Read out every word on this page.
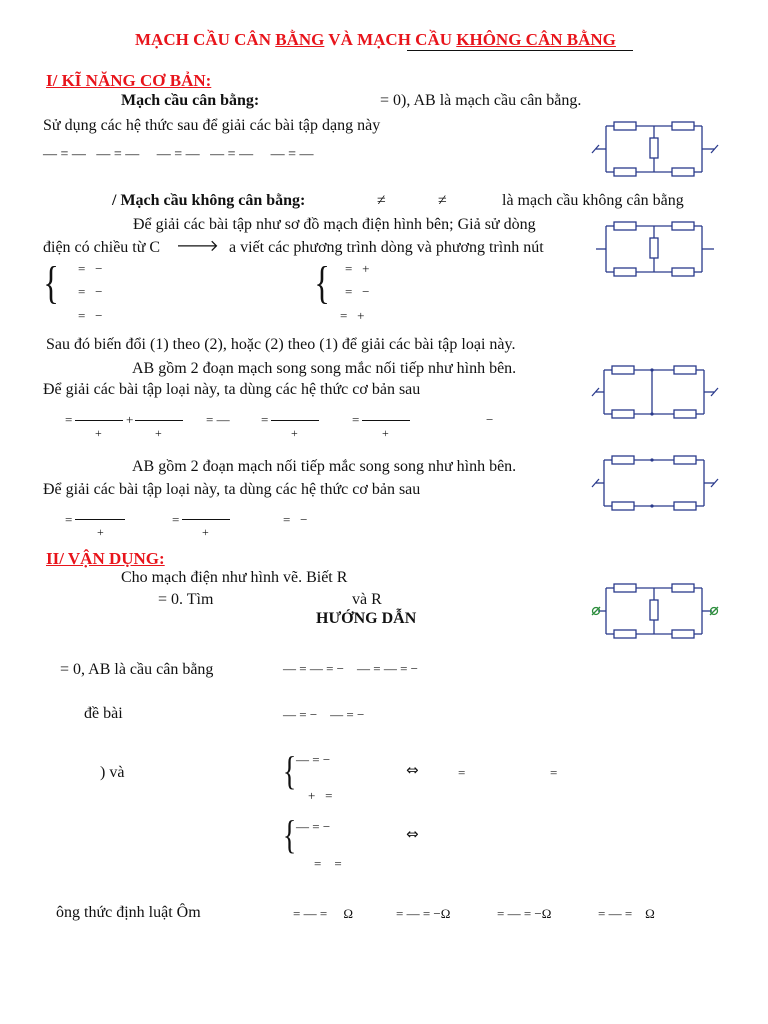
MẠCH CẦU CÂN BẰNG VÀ MẠCH CẦU KHÔNG CÂN BẰNG
I/ KĨ NĂNG CƠ BẢN:
Mạch cầu cân bằng:	= 0), AB là mạch cầu cân bằng.
Sử dụng các hệ thức sau để giải các bài tập dạng này
— = —   — = —     — = —   — = —     — = —
/ Mạch cầu không cân bằng:	≠	≠	là mạch cầu không cân bằng
Để giải các bài tập như sơ đồ mạch điện hình bên; Giả sử dòng
điện có chiều từ C 🡒 a viết các phương trình dòng và phương trình nút
{ =   −
=   −
=   −
{ =   +
=   −
=   +
Sau đó biến đổi (1) theo (2), hoặc (2) theo (1) để giải các bài tập loại này.
AB gồm 2 đoạn mạch song song mắc nối tiếp như hình bên.
Để giải các bài tập loại này, ta dùng các hệ thức cơ bản sau
=
+
+
+
= — =
+
=
+
−
AB gồm 2 đoạn mạch nối tiếp mắc song song như hình bên.
Để giải các bài tập loại này, ta dùng các hệ thức cơ bản sau
=
+
=
+
=   −
II/ VẬN DỤNG:
Cho mạch điện như hình vẽ. Biết R
= 0. Tìm	và R
HƯỚNG DẪN
= 0, AB là cầu cân bằng	— = — = −    — = — = −
đề bài	— = −    — = −
) và	{ — = −
+   =
⇔	=	=
{ — = −
=    =
⇔
ông thức định luật Ôm	= — =     Ω	= — = −Ω	= — = −Ω	= — =    Ω
